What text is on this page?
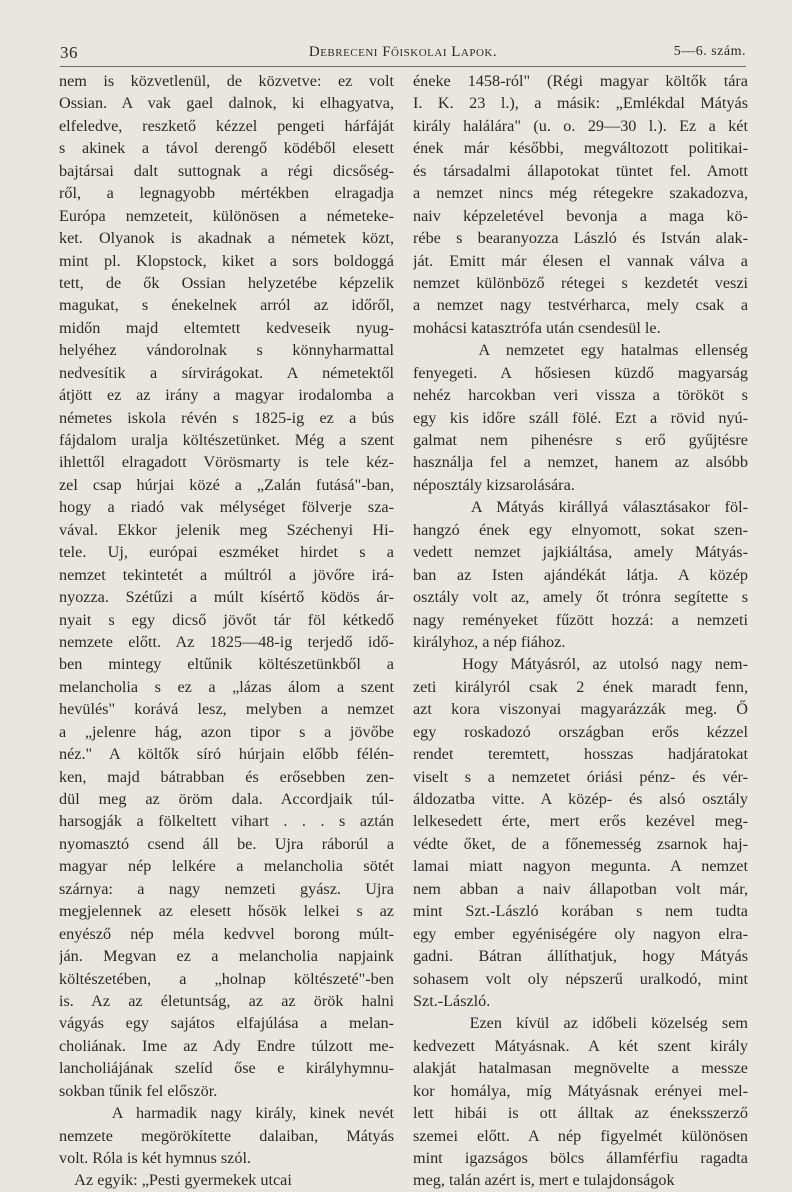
36	Debreceni Főiskolai Lapok.	5—6. szám.
nem is közvetlenül, de közvetve: ez volt
Ossian. A vak gael dalnok, ki elhagyatva,
elfeledve, reszkető kézzel pengeti hárfáját
s akinek a távol derengő ködéből elesett
bajtársai dalt suttognak a régi dicsőség-
ről, a legnagyobb mértékben elragadja
Európa nemzeteit, különösen a németeke-
ket. Olyanok is akadnak a németek közt,
mint pl. Klopstock, kiket a sors boldoggá
tett, de ők Ossian helyzetébe képzelik
magukat, s énekelnek arról az időről,
midőn majd eltemtett kedveseik nyug-
helyéhez vándorolnak s könnyharmattal
nedvesítik a sírvirágokat. A németektől
átjött ez az irány a magyar irodalomba a
németes iskola révén s 1825-ig ez a bús
fájdalom uralja költészetünket. Még a szent
ihlettől elragadott Vörösmarty is tele kéz-
zel csap húrjai közé a „Zalán futásá"-ban,
hogy a riadó vak mélységet fölverje sza-
vával. Ekkor jelenik meg Széchenyi Hi-
tele. Uj, európai eszméket hirdet s a
nemzet tekintetét a múltról a jövőre irá-
nyozza. Szétűzi a múlt kísértő ködös ár-
nyait s egy dicső jövőt tár föl kétkedő
nemzete előtt. Az 1825—48-ig terjedő idő-
ben mintegy eltűnik költészetünkből a
melancholia s ez a „lázas álom a szent
hevülés" korává lesz, melyben a nemzet
a „jelenre hág, azon tipor s a jövőbe
néz." A költők síró húrjain előbb félén-
ken, majd bátrabban és erősebben zen-
dül meg az öröm dala. Accordjaik túl-
harsogják a fölkeltett vihart . . . s aztán
nyomasztó csend áll be. Ujra ráborúl a
magyar nép lelkére a melancholia sötét
szárnya: a nagy nemzeti gyász. Ujra
megjelennek az elesett hősök lelkei s az
enyésző nép méla kedvvel borong múlt-
ján. Megvan ez a melancholia napjaink
költészetében, a „holnap költészeté"-ben
is. Az az életuntság, az az örök halni
vágyás egy sajátos elfajúlása a melan-
choliának. Ime az Ady Endre túlzott me-
lancholiájának szelíd őse e királyhymnu-
sokban tűnik fel először.
A harmadik nagy király, kinek nevét
nemzete megörökítette dalaiban, Mátyás
volt. Róla is két hymnus szól.
Az egyik: „Pesti gyermekek utcai
éneke 1458-ról" (Régi magyar költők tára
I. K. 23 l.), a másik: „Emlékdal Mátyás
király halálára" (u. o. 29—30 l.). Ez a két
ének már későbbi, megváltozott politikai-
és társadalmi állapotokat tüntet fel. Amott
a nemzet nincs még rétegekre szakadozva,
naiv képzeletével bevonja a maga kö-
rébe s bearanyozza László és István alak-
ját. Emitt már élesen el vannak válva a
nemzet különböző rétegei s kezdetét veszi
a nemzet nagy testvérharca, mely csak a
mohácsi katasztrófa után csendesül le.
A nemzetet egy hatalmas ellenség
fenyegeti. A hősiesen küzdő magyarság
nehéz harcokban veri vissza a törököt s
egy kis időre száll fölé. Ezt a rövid nyú-
galmat nem pihenésre s erő gyűjtésre
használja fel a nemzet, hanem az alsóbb
néposztály kizsarolására.
A Mátyás királlyá választásakor föl-
hangzó ének egy elnyomott, sokat szen-
vedett nemzet jajkiáltása, amely Mátyás-
ban az Isten ajándékát látja. A közép
osztály volt az, amely őt trónra segítette s
nagy reményeket fűzött hozzá: a nemzeti
királyhoz, a nép fiához.
Hogy Mátyásról, az utolsó nagy nem-
zeti királyról csak 2 ének maradt fenn,
azt kora viszonyai magyarázzák meg. Ő
egy roskadozó országban erős kézzel
rendet teremtett, hosszas hadjáratokat
viselt s a nemzetet óriási pénz- és vér-
áldozatba vitte. A közép- és alsó osztály
lelkesedett érte, mert erős kezével meg-
védte őket, de a főnemesség zsarnok haj-
lamai miatt nagyon megunta. A nemzet
nem abban a naiv állapotban volt már,
mint Szt.-László korában s nem tudta
egy ember egyéniségére oly nagyon elra-
gadni. Bátran állíthatjuk, hogy Mátyás
sohasem volt oly népszerű uralkodó, mint
Szt.-László.
Ezen kívül az időbeli közelség sem
kedvezett Mátyásnak. A két szent király
alakját hatalmasan megnövelte a messze
kor homálya, míg Mátyásnak erényei mel-
lett hibái is ott álltak az éneksszerző
szemei előtt. A nép figyelmét különösen
mint igazságos bölcs államférfiu ragadta
meg, talán azért is, mert e tulajdonságok
